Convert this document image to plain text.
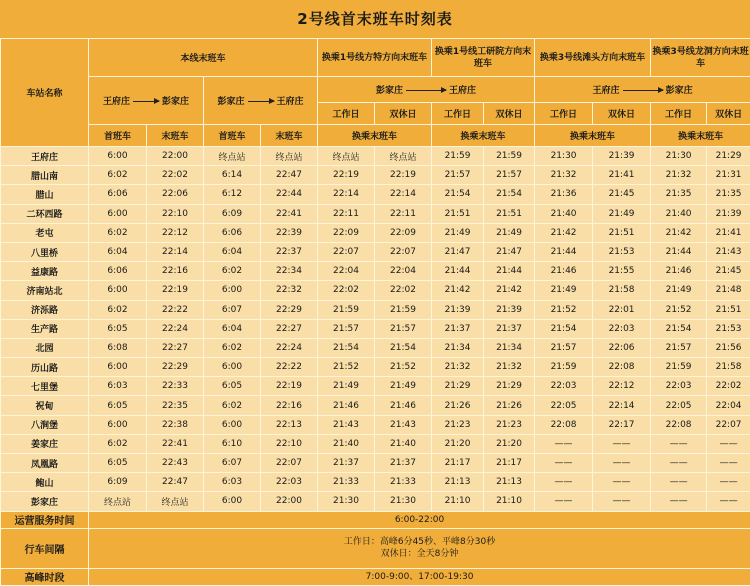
2号线首末班车时刻表
车站名称	本线末班车				换乘1号线方特方向末班车		换乘1号线工研院方向末班车		换乘3号线滩头方向末班车		换乘3号线龙洞方向末班车	
	王府庄 彭家庄		彭家庄 王府庄		彭家庄 王府庄				王府庄 彭家庄			
					工作日	双休日	工作日	双休日	工作日	双休日	工作日	双休日

	首班车	末班车	首班车	末班车	换乘末班车		换乘末班车		换乘末班车		换乘末班车	
王府庄	6:00	22:00	终点站	终点站	终点站	终点站	21:59	21:59	21:30	21:39	21:30	21:29
腊山南	6:02	22:02	6:14	22:47	22:19	22:19	21:57	21:57	21:32	21:41	21:32	21:31
腊山	6:06	22:06	6:12	22:44	22:14	22:14	21:54	21:54	21:36	21:45	21:35	21:35
二环西路	6:00	22:10	6:09	22:41	22:11	22:11	21:51	21:51	21:40	21:49	21:40	21:39
老屯	6:02	22:12	6:06	22:39	22:09	22:09	21:49	21:49	21:42	21:51	21:42	21:41
八里桥	6:04	22:14	6:04	22:37	22:07	22:07	21:47	21:47	21:44	21:53	21:44	21:43
益康路	6:06	22:16	6:02	22:34	22:04	22:04	21:44	21:44	21:46	21:55	21:46	21:45
济南站北	6:00	22:19	6:00	22:32	22:02	22:02	21:42	21:42	21:49	21:58	21:49	21:48
济泺路	6:02	22:22	6:07	22:29	21:59	21:59	21:39	21:39	21:52	22:01	21:52	21:51
生产路	6:05	22:24	6:04	22:27	21:57	21:57	21:37	21:37	21:54	22:03	21:54	21:53
北园	6:08	22:27	6:02	22:24	21:54	21:54	21:34	21:34	21:57	22:06	21:57	21:56
历山路	6:00	22:29	6:00	22:22	21:52	21:52	21:32	21:32	21:59	22:08	21:59	21:58
七里堡	6:03	22:33	6:05	22:19	21:49	21:49	21:29	21:29	22:03	22:12	22:03	22:02
祝甸	6:05	22:35	6:02	22:16	21:46	21:46	21:26	21:26	22:05	22:14	22:05	22:04
八涧堡	6:00	22:38	6:00	22:13	21:43	21:43	21:23	21:23	22:08	22:17	22:08	22:07
姜家庄	6:02	22:41	6:10	22:10	21:40	21:40	21:20	21:20	——	——	——	——
凤凰路	6:05	22:43	6:07	22:07	21:37	21:37	21:17	21:17	——	——	——	——
鲍山	6:09	22:47	6:03	22:03	21:33	21:33	21:13	21:13	——	——	——	——
彭家庄	终点站	终点站	6:00	22:00	21:30	21:30	21:10	21:10	——	——	——	——
运营服务时间	6:00-22:00											
行车间隔	工作日：高峰6分45秒、平峰8分30秒
双休日：全天8分钟											

高峰时段	7:00-9:00、17:00-19:30											
